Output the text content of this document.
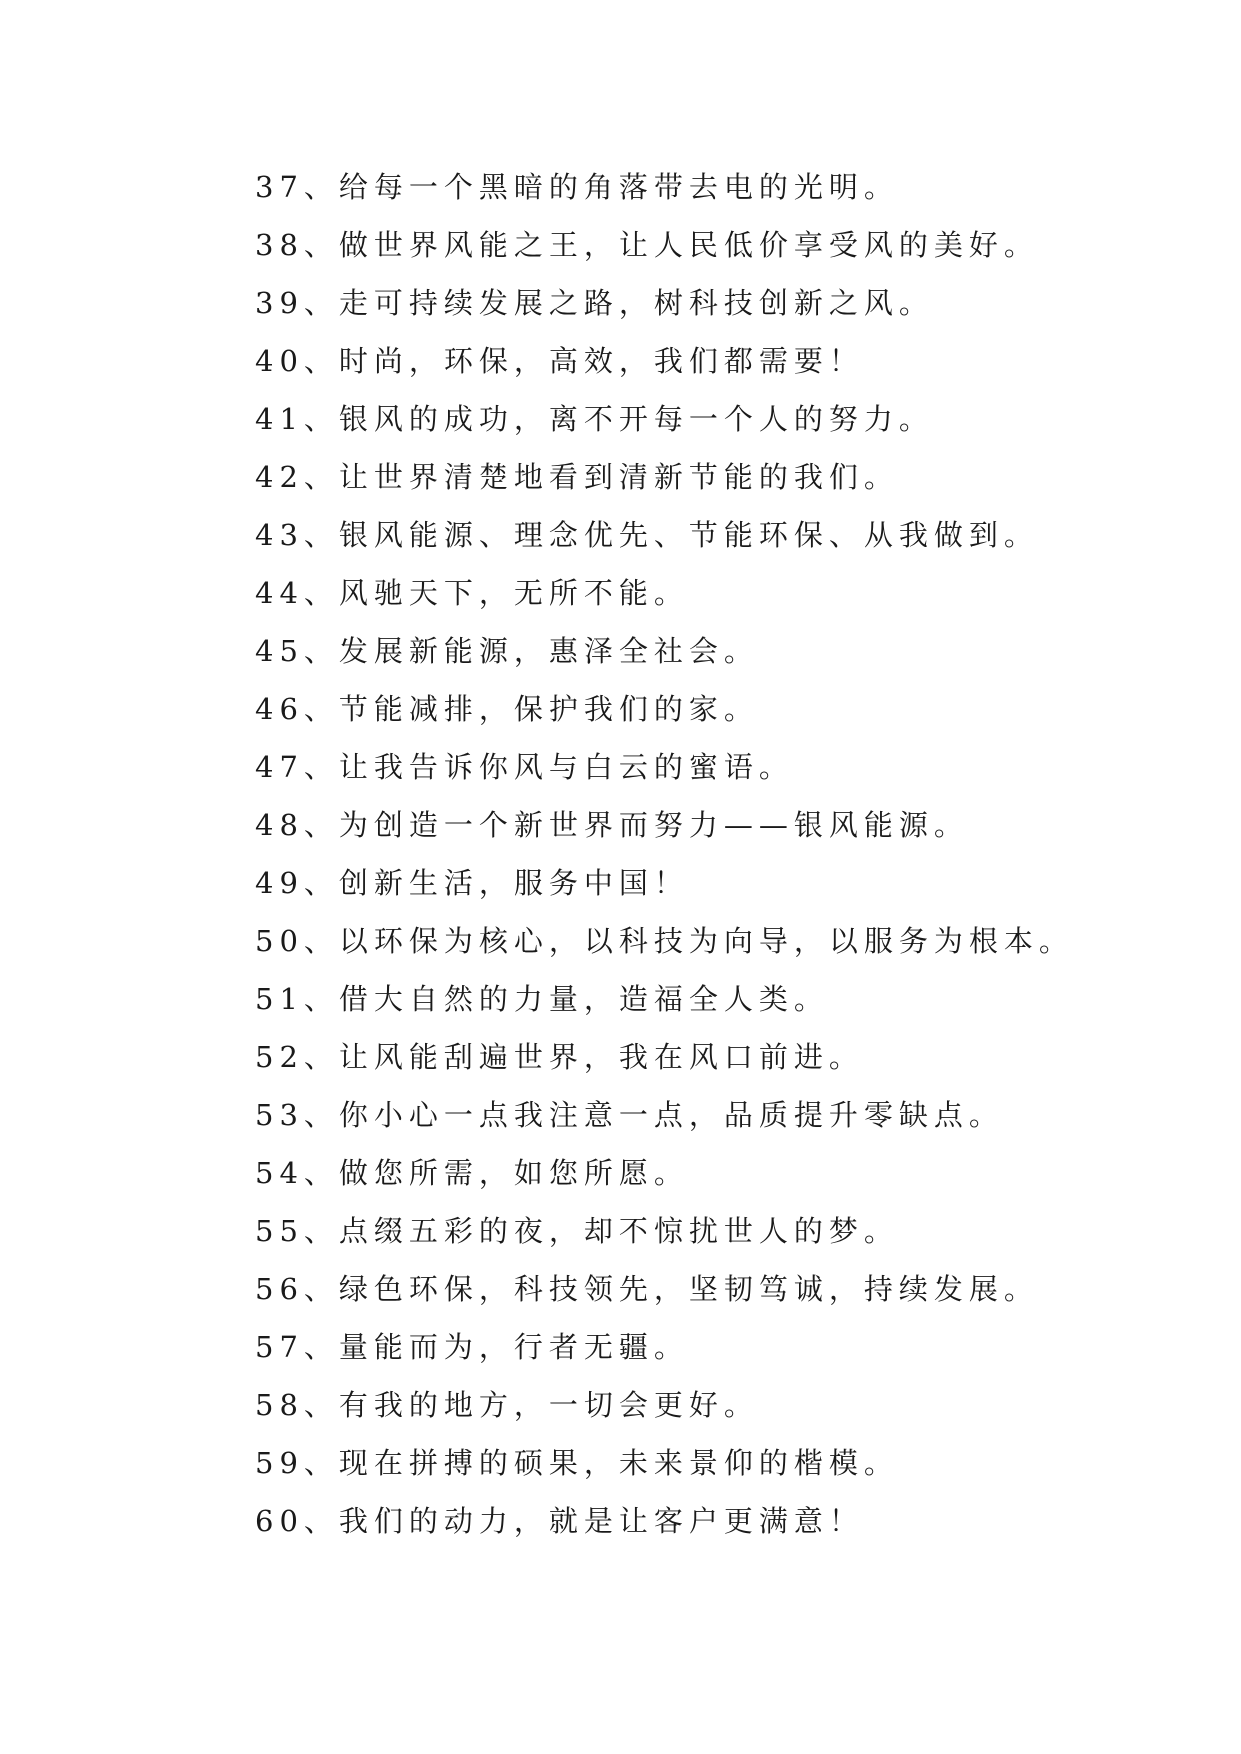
37、给每一个黑暗的角落带去电的光明。
38、做世界风能之王，让人民低价享受风的美好。
39、走可持续发展之路，树科技创新之风。
40、时尚，环保，高效，我们都需要！
41、银风的成功，离不开每一个人的努力。
42、让世界清楚地看到清新节能的我们。
43、银风能源、理念优先、节能环保、从我做到。
44、风驰天下，无所不能。
45、发展新能源，惠泽全社会。
46、节能减排，保护我们的家。
47、让我告诉你风与白云的蜜语。
48、为创造一个新世界而努力——银风能源。
49、创新生活，服务中国！
50、以环保为核心，以科技为向导，以服务为根本。
51、借大自然的力量，造福全人类。
52、让风能刮遍世界，我在风口前进。
53、你小心一点我注意一点，品质提升零缺点。
54、做您所需，如您所愿。
55、点缀五彩的夜，却不惊扰世人的梦。
56、绿色环保，科技领先，坚韧笃诚，持续发展。
57、量能而为，行者无疆。
58、有我的地方，一切会更好。
59、现在拼搏的硕果，未来景仰的楷模。
60、我们的动力，就是让客户更满意！
